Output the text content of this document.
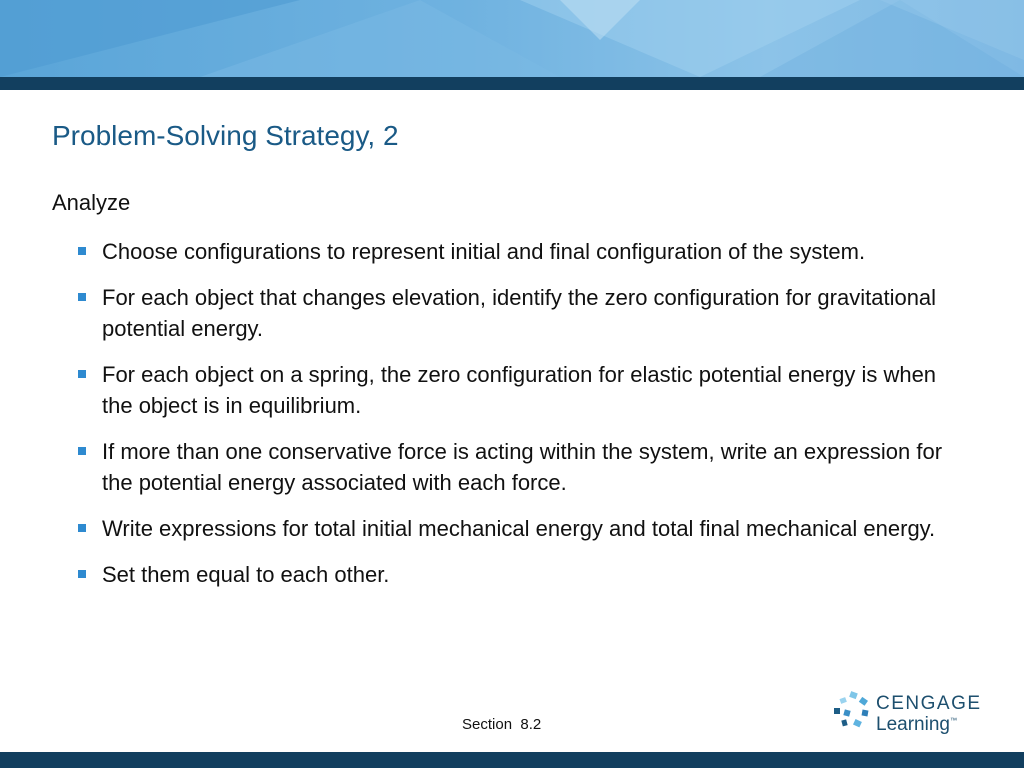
Problem-Solving Strategy, 2
Analyze
Choose configurations to represent initial and final configuration of the system.
For each object that changes elevation, identify the zero configuration for gravitational potential energy.
For each object on a spring, the zero configuration for elastic potential energy is when the object is in equilibrium.
If more than one conservative force is acting within the system, write an expression for the potential energy associated with each force.
Write expressions for total initial mechanical energy and total final mechanical energy.
Set them equal to each other.
Section  8.2
CENGAGE
Learning™
